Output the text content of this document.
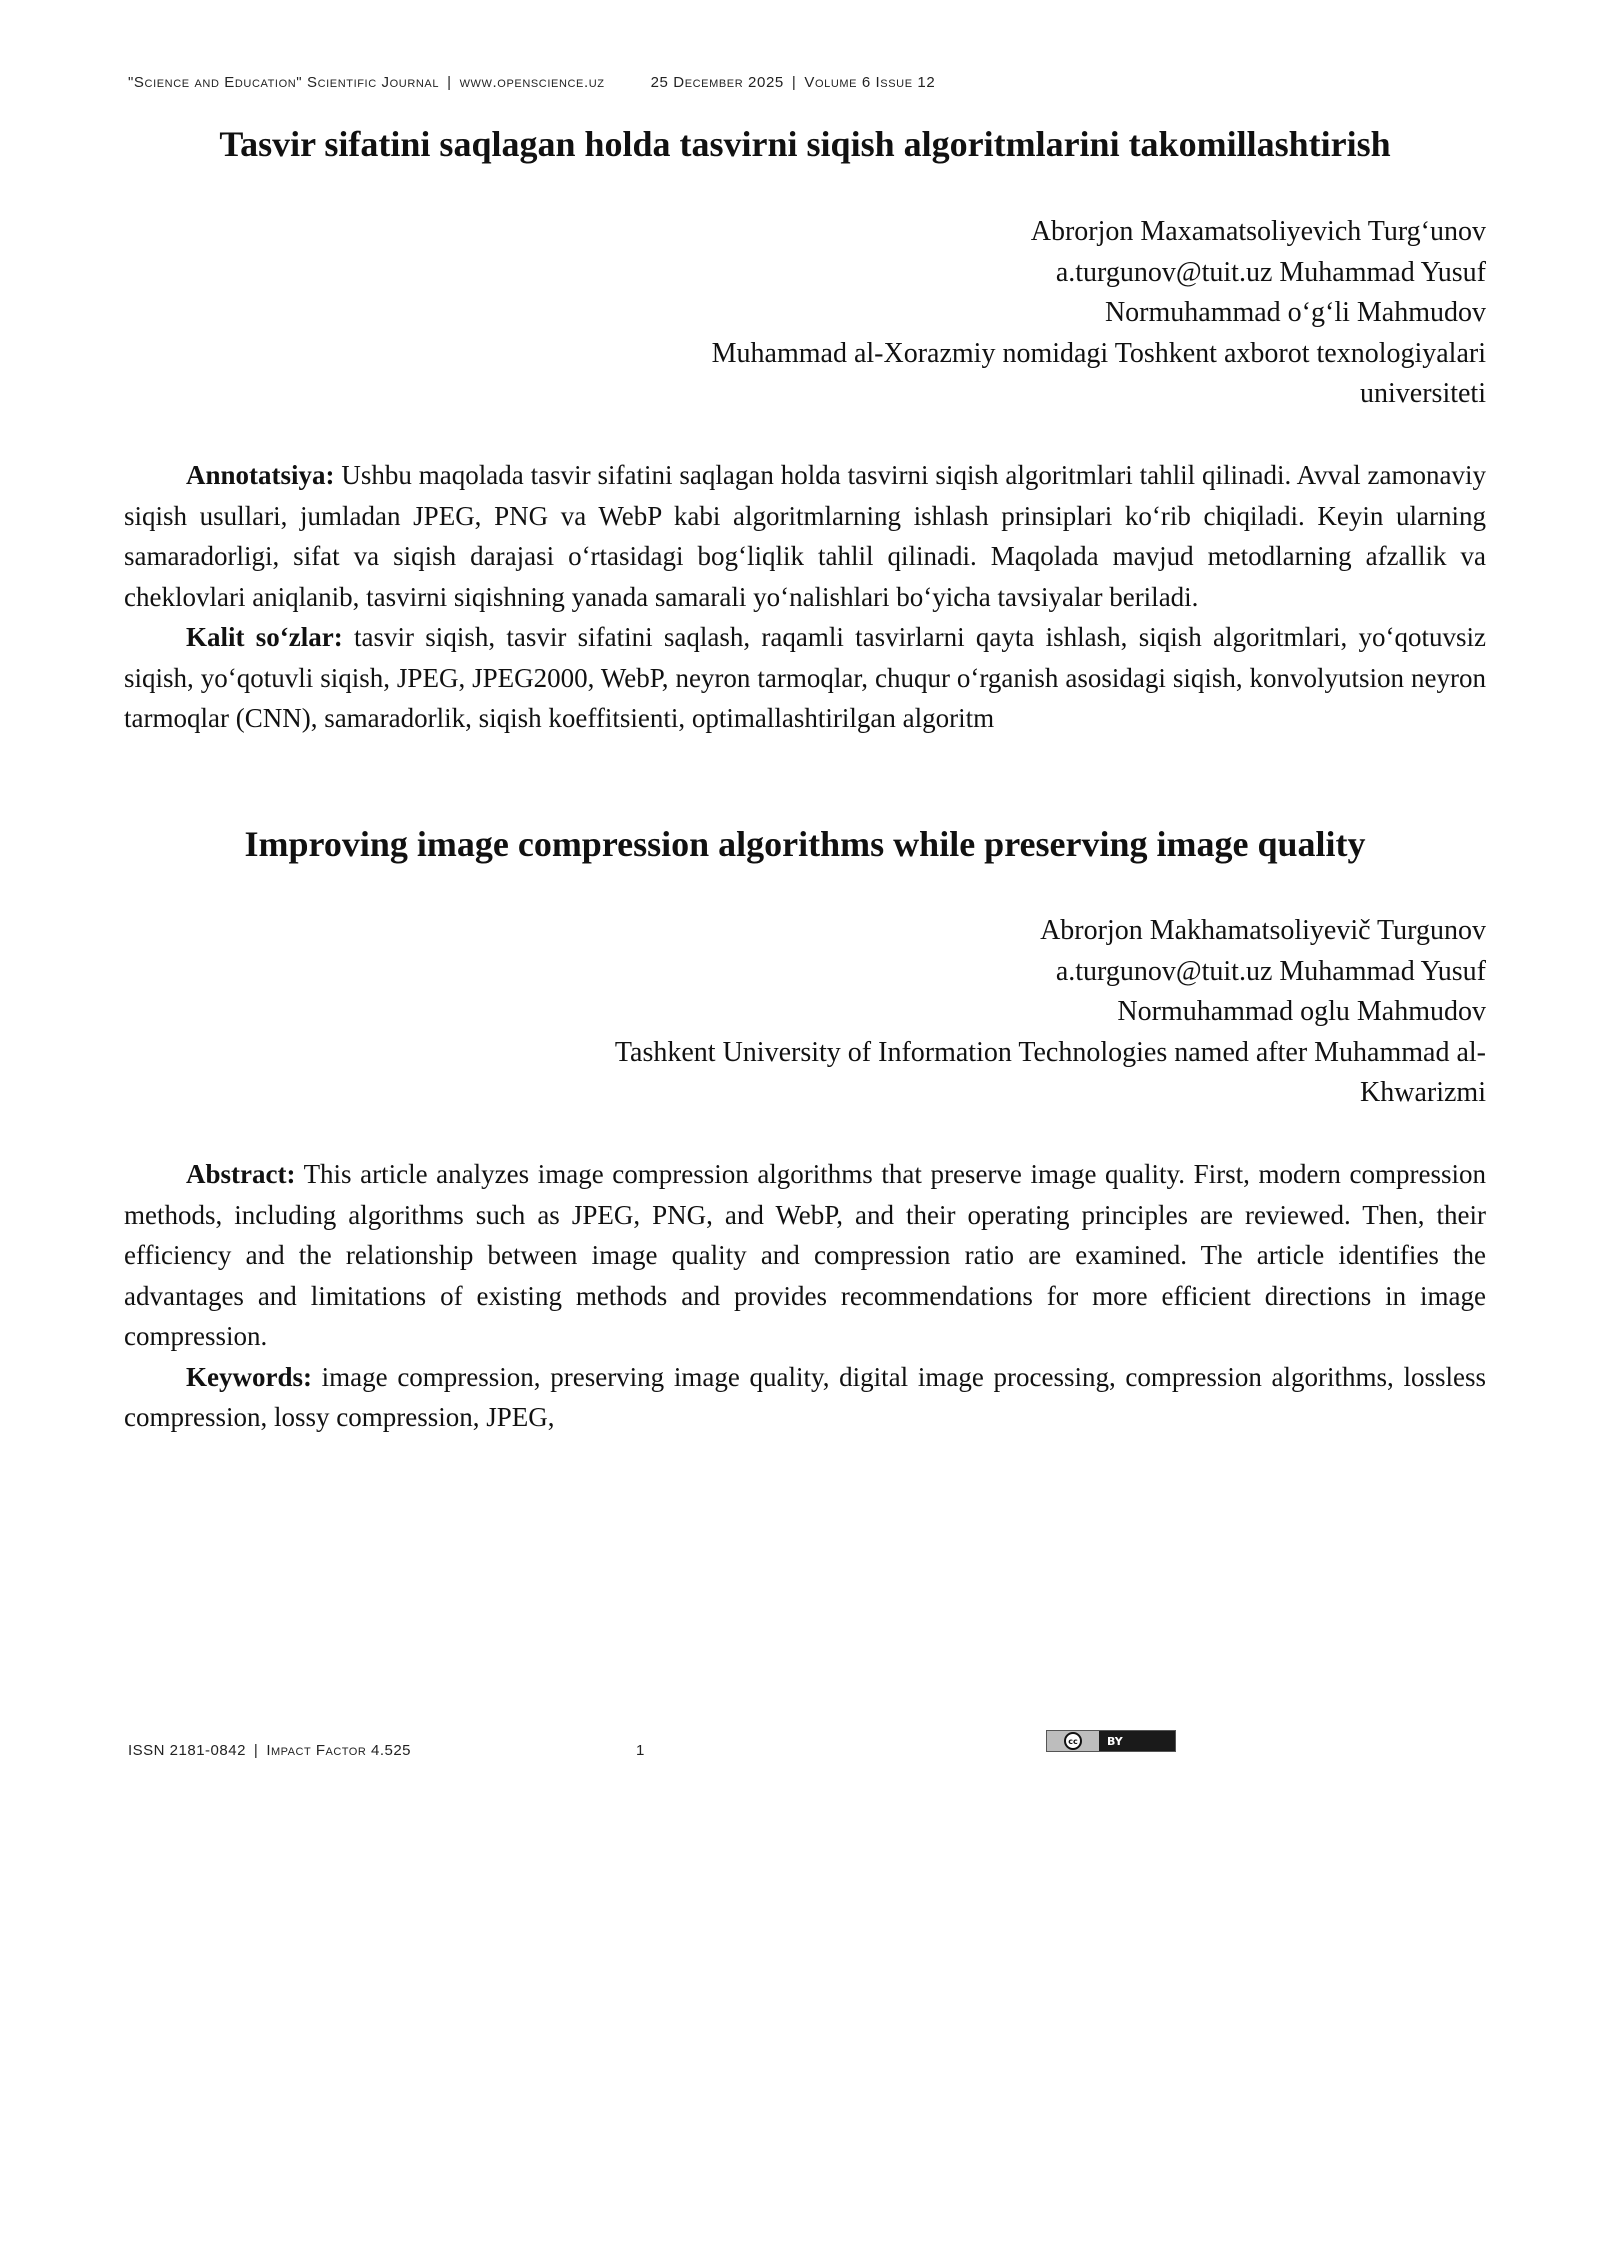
"Science and Education" Scientific Journal | www.openscience.uz	25 December 2025 | Volume 6 Issue 12
Tasvir sifatini saqlagan holda tasvirni siqish algoritmlarini takomillashtirish
Abrorjon Maxamatsoliyevich Turg‘unov
a.turgunov@tuit.uz Muhammad Yusuf
Normuhammad o‘g‘li Mahmudov
Muhammad al-Xorazmiy nomidagi Toshkent axborot texnologiyalari
universiteti

Annotatsiya: Ushbu maqolada tasvir sifatini saqlagan holda tasvirni siqish algoritmlari tahlil qilinadi. Avval zamonaviy siqish usullari, jumladan JPEG, PNG va WebP kabi algoritmlarning ishlash prinsiplari ko‘rib chiqiladi. Keyin ularning samaradorligi, sifat va siqish darajasi o‘rtasidagi bog‘liqlik tahlil qilinadi. Maqolada mavjud metodlarning afzallik va cheklovlari aniqlanib, tasvirni siqishning yanada samarali yo‘nalishlari bo‘yicha tavsiyalar beriladi.

Kalit so‘zlar: tasvir siqish, tasvir sifatini saqlash, raqamli tasvirlarni qayta ishlash, siqish algoritmlari, yo‘qotuvsiz siqish, yo‘qotuvli siqish, JPEG, JPEG2000, WebP, neyron tarmoqlar, chuqur o‘rganish asosidagi siqish, konvolyutsion neyron tarmoqlar (CNN), samaradorlik, siqish koeffitsienti, optimallashtirilgan algoritm

Improving image compression algorithms while preserving image quality
Abrorjon Makhamatsoliyevič Turgunov
a.turgunov@tuit.uz Muhammad Yusuf
Normuhammad oglu Mahmudov
Tashkent University of Information Technologies named after Muhammad al-
Khwarizmi

Abstract: This article analyzes image compression algorithms that preserve image quality. First, modern compression methods, including algorithms such as JPEG, PNG, and WebP, and their operating principles are reviewed. Then, their efficiency and the relationship between image quality and compression ratio are examined. The article identifies the advantages and limitations of existing methods and provides recommendations for more efficient directions in image compression.

Keywords: image compression, preserving image quality, digital image processing, compression algorithms, lossless compression, lossy compression, JPEG,

ISSN 2181-0842 | Impact Factor 4.525	1
cc	BY
